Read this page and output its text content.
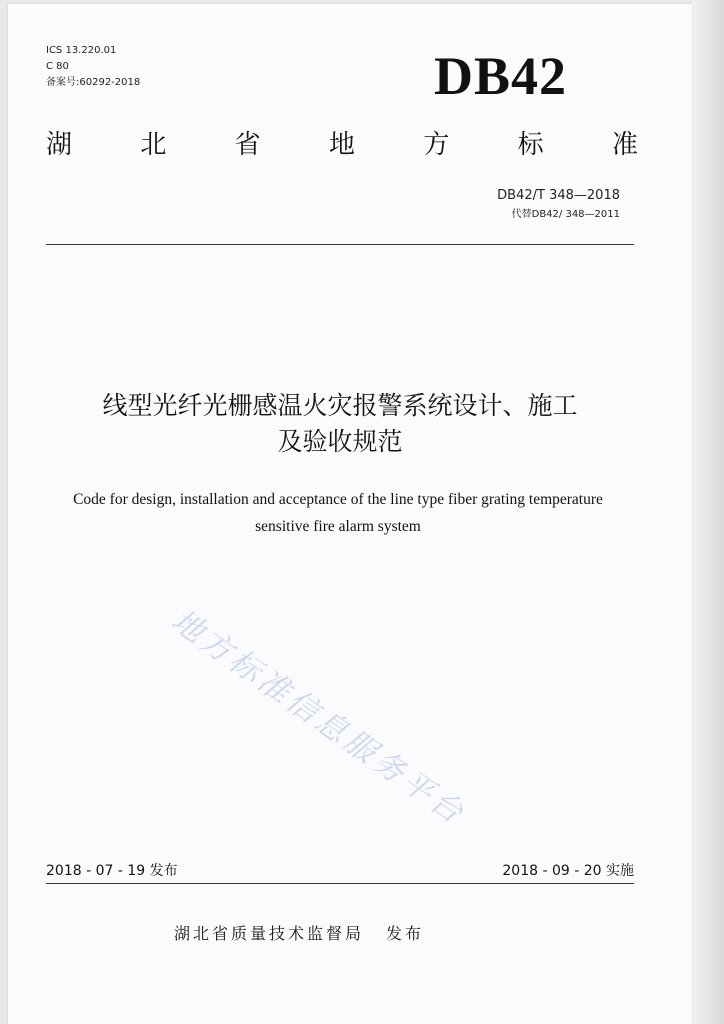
ICS 13.220.01
C 80
备案号:60292-2018	DB42
湖	北	省	地	方	标	准
DB42/T 348—2018
代替DB42/ 348—2011
线型光纤光栅感温火灾报警系统设计、施工
及验收规范
Code for design, installation and acceptance of the line type fiber grating temperature
sensitive fire alarm system
地方标准信息服务平台
2018 - 07 - 19 发布	2018 - 09 - 20 实施
湖北省质量技术监督局 发布
